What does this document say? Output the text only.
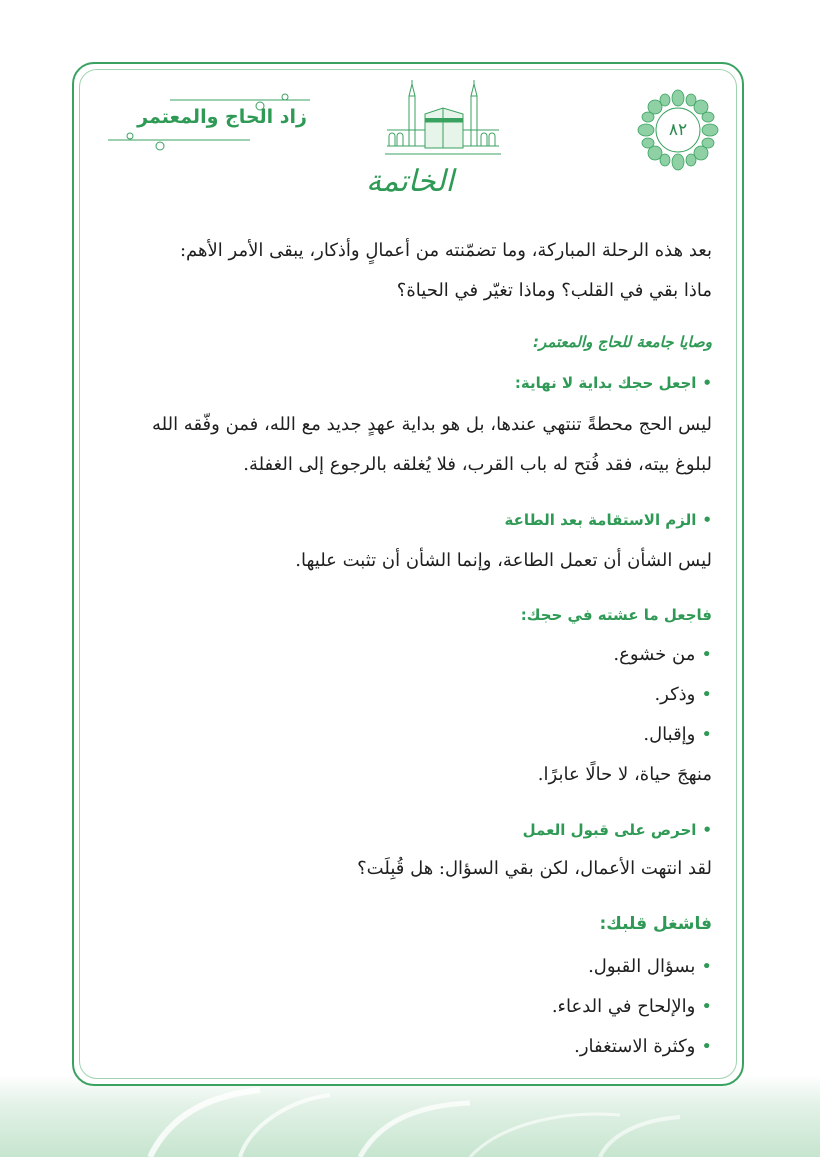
٨٢
زاد الحاج والمعتمر
الخاتمة
بعد هذه الرحلة المباركة، وما تضمّنته من أعمالٍ وأذكار، يبقى الأمر الأهم:
ماذا بقي في القلب؟ وماذا تغيّر في الحياة؟
وصايا جامعة للحاج والمعتمر:
•اجعل حجك بداية لا نهاية:
ليس الحج محطةً تنتهي عندها، بل هو بداية عهدٍ جديد مع الله، فمن وفّقه الله
لبلوغ بيته، فقد فُتح له باب القرب، فلا يُغلقه بالرجوع إلى الغفلة.
•الزم الاستقامة بعد الطاعة
ليس الشأن أن تعمل الطاعة، وإنما الشأن أن تثبت عليها.
فاجعل ما عشته في حجك:
•من خشوع.
•وذكر.
•وإقبال.
منهجَ حياة، لا حالًا عابرًا.
•احرص على قبول العمل
لقد انتهت الأعمال، لكن بقي السؤال: هل قُبِلَت؟
فاشغل قلبك:
•بسؤال القبول.
•والإلحاح في الدعاء.
•وكثرة الاستغفار.
